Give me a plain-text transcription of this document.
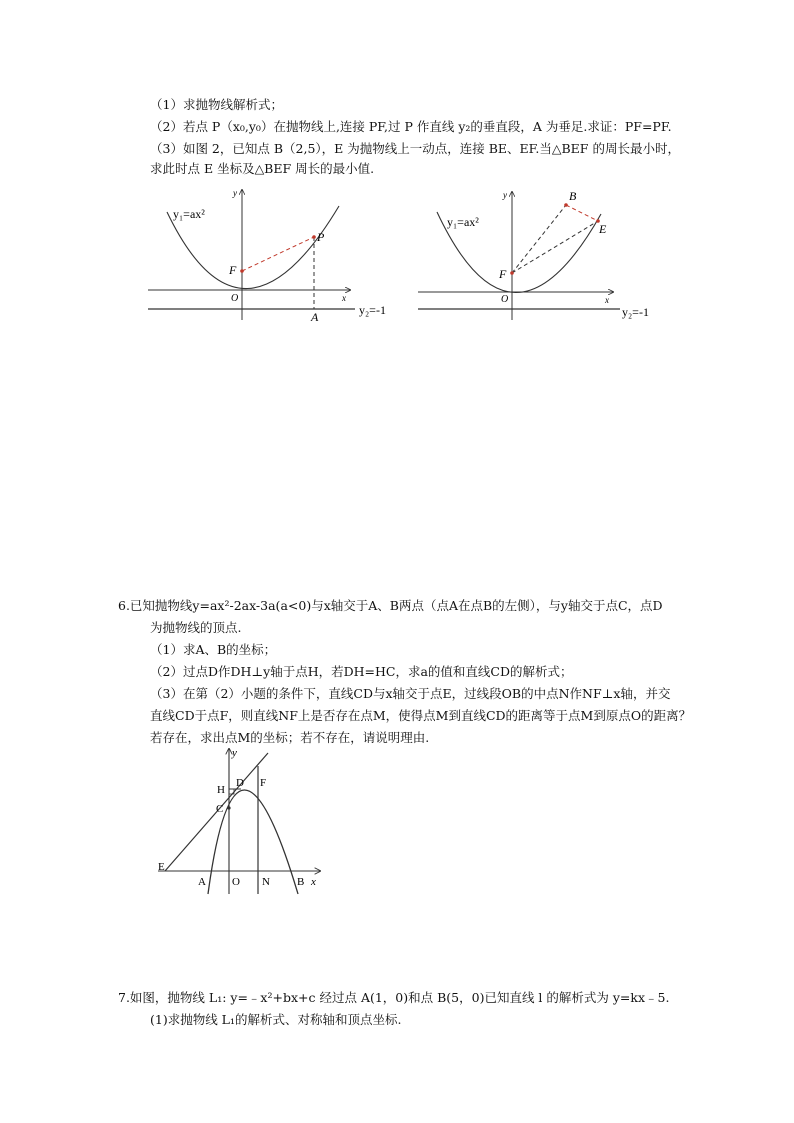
（1）求抛物线解析式；
（2）若点 P（x₀,y₀）在抛物线上,连接 PF,过 P 作直线 y₂的垂直段，A 为垂足.求证：PF=PF.
（3）如图 2，已知点 B（2,5），E 为抛物线上一动点，连接 BE、EF.当△BEF 的周长最小时，
求此时点 E 坐标及△BEF 周长的最小值.
y₁=ax²
F
P
O
A
x
y
y₂=-1
y₁=ax²
F
B
E
O	x
y
y₂=-1
6.已知抛物线y=ax²-2ax-3a(a<0)与x轴交于A、B两点（点A在点B的左侧），与y轴交于点C，点D
为抛物线的顶点.
（1）求A、B的坐标；
（2）过点D作DH⊥y轴于点H，若DH=HC，求a的值和直线CD的解析式；
（3）在第（2）小题的条件下，直线CD与x轴交于点E，过线段OB的中点N作NF⊥x轴，并交
直线CD于点F，则直线NF上是否存在点M，使得点M到直线CD的距离等于点M到原点O的距离？
若存在，求出点M的坐标；若不存在，请说明理由.
E
A O N B x
y
H
C
D F
7.如图，抛物线 L₁: y=﹣x²+bx+c 经过点 A(1，0)和点 B(5，0)已知直线 l 的解析式为 y=kx﹣5.
(1)求抛物线 L₁的解析式、对称轴和顶点坐标.
